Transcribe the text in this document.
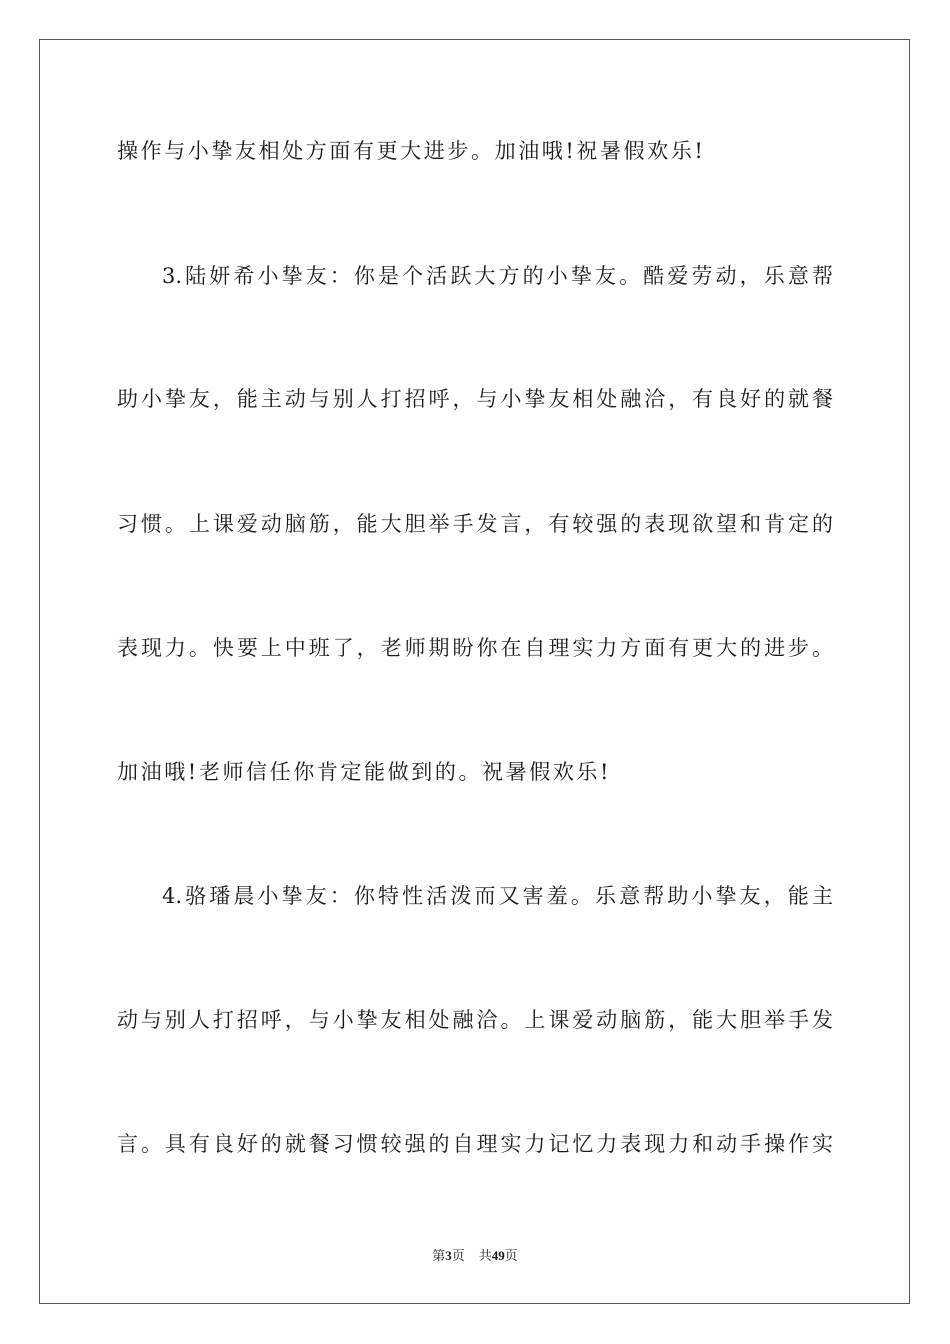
操作与小挚友相处方面有更大进步。加油哦!祝暑假欢乐!
3.陆妍希小挚友：你是个活跃大方的小挚友。酷爱劳动，乐意帮
助小挚友，能主动与别人打招呼，与小挚友相处融洽，有良好的就餐
习惯。上课爱动脑筋，能大胆举手发言，有较强的表现欲望和肯定的
表现力。快要上中班了，老师期盼你在自理实力方面有更大的进步。
加油哦!老师信任你肯定能做到的。祝暑假欢乐!
4.骆璠晨小挚友：你特性活泼而又害羞。乐意帮助小挚友，能主
动与别人打招呼，与小挚友相处融洽。上课爱动脑筋，能大胆举手发
言。具有良好的就餐习惯较强的自理实力记忆力表现力和动手操作实
第3页 共49页
